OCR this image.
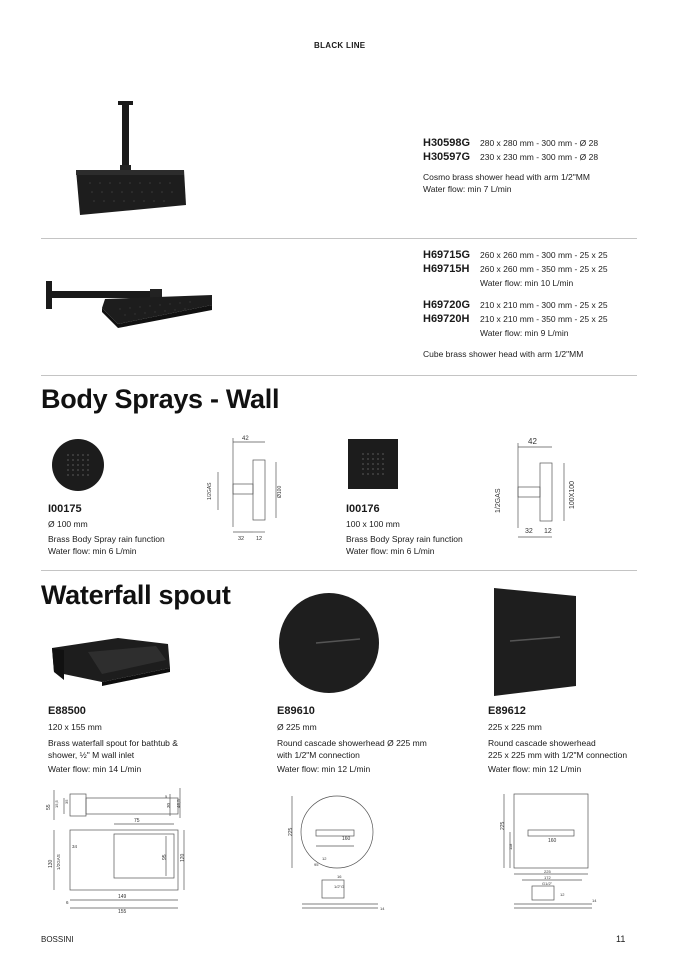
BLACK LINE
H30598G	280 x 280 mm - 300 mm - Ø 28
H30597G	230 x 230 mm - 300 mm - Ø 28
Cosmo brass shower head with arm 1/2"MM
Water flow: min 7 L/min
H69715G	260 x 260 mm - 300 mm - 25 x 25
H69715H	260 x 260 mm - 350 mm - 25 x 25
Water flow: min 10 L/min
H69720G	210 x 210 mm - 300 mm - 25 x 25
H69720H	210 x 210 mm - 350 mm - 25 x 25
Water flow: min 9 L/min
Cube brass shower head with arm 1/2"MM
Body Sprays - Wall
I00175
Ø 100 mm
Brass Body Spray rain function
Water flow: min 6 L/min
42
1/2GAS	Ø100
32 12
I00176
100 x 100 mm
Brass Body Spray rain function
Water flow: min 6 L/min
42
1/2GAS	100X100
32 12
Waterfall spout
E88500
120 x 155 mm
Brass waterfall spout for bathtub &
shower, ½" M wall inlet
Water flow: min 14 L/min
E89610
Ø 225 mm
Round cascade showerhead Ø 225 mm
with 1/2"M connection
Water flow: min 12 L/min
E89612
225 x 225 mm
Round cascade showerhead
225 x 225 mm with 1/2"M connection
Water flow: min 12 L/min
55 15,5 35
5
30 46,5
75
130 1/2GAS	95 120
34
6
149
155
225
160
12
95
1/2"G
16
14
225
118
160
225
172
G1/2"
14
12
BOSSINI	11
